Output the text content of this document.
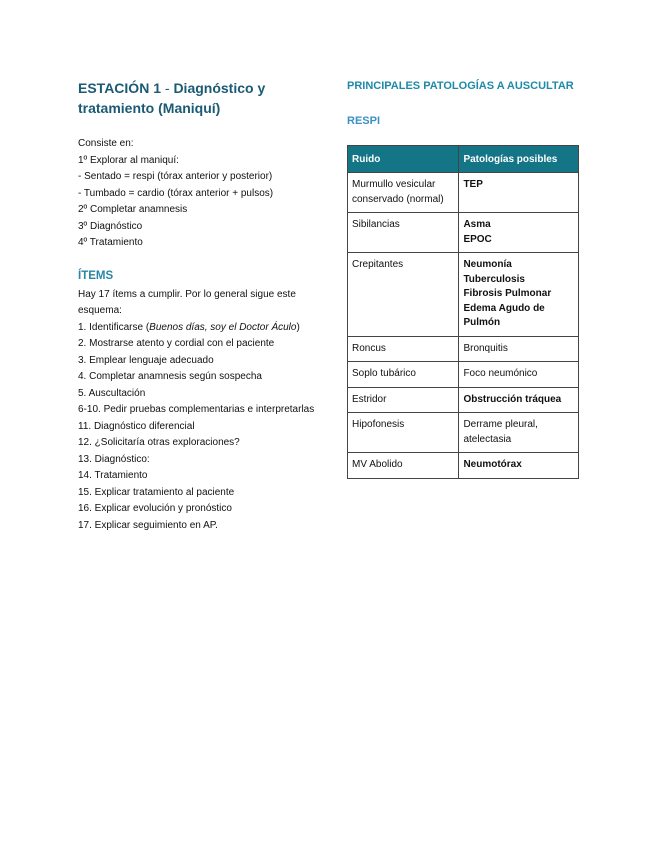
ESTACIÓN 1 - Diagnóstico y tratamiento (Maniquí)

Consiste en:

1º Explorar al maniquí:

- Sentado = respi (tórax anterior y posterior)

- Tumbado = cardio (tórax anterior + pulsos)

2º Completar anamnesis

3º Diagnóstico

4º Tratamiento

ÍTEMS

Hay 17 ítems a cumplir. Por lo general sigue este esquema:

1. Identificarse (Buenos días, soy el Doctor Áculo)

2. Mostrarse atento y cordial con el paciente

3. Emplear lenguaje adecuado

4. Completar anamnesis según sospecha

5. Auscultación

6-10. Pedir pruebas complementarias e interpretarlas

11. Diagnóstico diferencial

12. ¿Solicitaría otras exploraciones?

13. Diagnóstico:

14. Tratamiento

15. Explicar tratamiento al paciente

16. Explicar evolución y pronóstico

17. Explicar seguimiento en AP.

PRINCIPALES PATOLOGÍAS A AUSCULTAR
RESPI
Ruido	Patologías posibles
Murmullo vesicular conservado (normal)	TEP

Sibilancias	Asma
EPOC

Crepitantes	Neumonía
Tuberculosis
Fibrosis Pulmonar
Edema Agudo de Pulmón

Roncus	Bronquitis

Soplo tubárico	Foco neumónico

Estridor	Obstrucción tráquea

Hipofonesis	Derrame pleural, atelectasia

MV Abolido	Neumotórax
